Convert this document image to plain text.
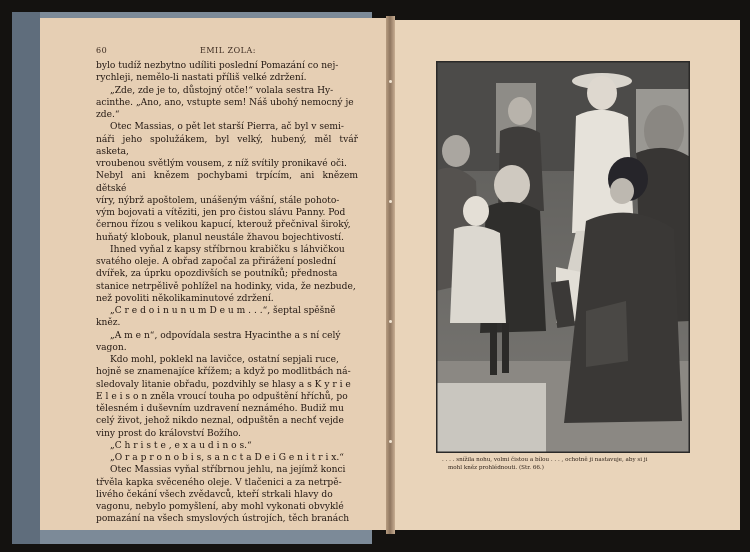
60	EMIL ZOLA:

bylo tudíž nezbytno udíliti poslední Pomazání co nej-

rychleji, nemělo-li nastati příliš velké zdržení.

„Zde, zde je to, důstojný otče!“ volala sestra Hy-

acinthe. „Ano, ano, vstupte sem! Náš ubohý nemocný je

zde.“

Otec Massias, o pět let starší Pierra, ač byl v semi-

náři jeho spolužákem, byl velký, hubený, měl tvář asketa,

vroubenou světlým vousem, z níž svítily pronikavé oči.

Nebyl ani knězem pochybami trpícím, ani knězem dětské

víry, nýbrž apoštolem, unášeným vášní, stále pohoto-

vým bojovati a vítěziti, jen pro čistou slávu Panny. Pod

černou řízou s velikou kapucí, kterouž přečnival široký,

huňatý klobouk, planul neustále žhavou bojechtivostí.

Ihned vyňal z kapsy stříbrnou krabičku s láhvičkou

svatého oleje. A obřad započal za přirážení poslední

dvířek, za úprku opozdivších se poutníků; přednosta

stanice netrpělivě pohlížel na hodinky, vida, že nezbude,

než povoliti několikaminutové zdržení.

„C r e d o i n u n u m D e u m . . .“, šeptal spěšně

kněz.

„A m e n“, odpovídala sestra Hyacinthe a s ní celý

vagon.

Kdo mohl, poklekl na lavičce, ostatní sepjali ruce,

hojně se znamenajíce křížem; a když po modlitbách ná-

sledovaly litanie obřadu, pozdvihly se hlasy a s K y r i e

E l e i s o n zněla vroucí touha po odpuštění hříchů, po

tělesném i duševním uzdravení neznámého. Budiž mu

celý život, jehož nikdo neznal, odpuštěn a nechť vejde

viny prost do království Božího.

„C h r i s t e , e x a u d i n o s.“

„O r a p r o n o b i s, s a n c t a D e i G e n i t r i x.“

Otec Massias vyňal stříbrnou jehlu, na jejímž konci

třvěla kapka svěceného oleje. V tlačenici a za netrpě-

livého čekání všech zvědavců, kteří strkali hlavy do

vagonu, nebylo pomyšlení, aby mohl vykonati obvyklé

pomazání na všech smyslových ústrojích, těch branách

. . . . snížila nohu, volmi čistou a bílou . . . , ochotně ji nastavuje, aby si ji
mohl kněz prohlédnouti. (Str. 66.)
